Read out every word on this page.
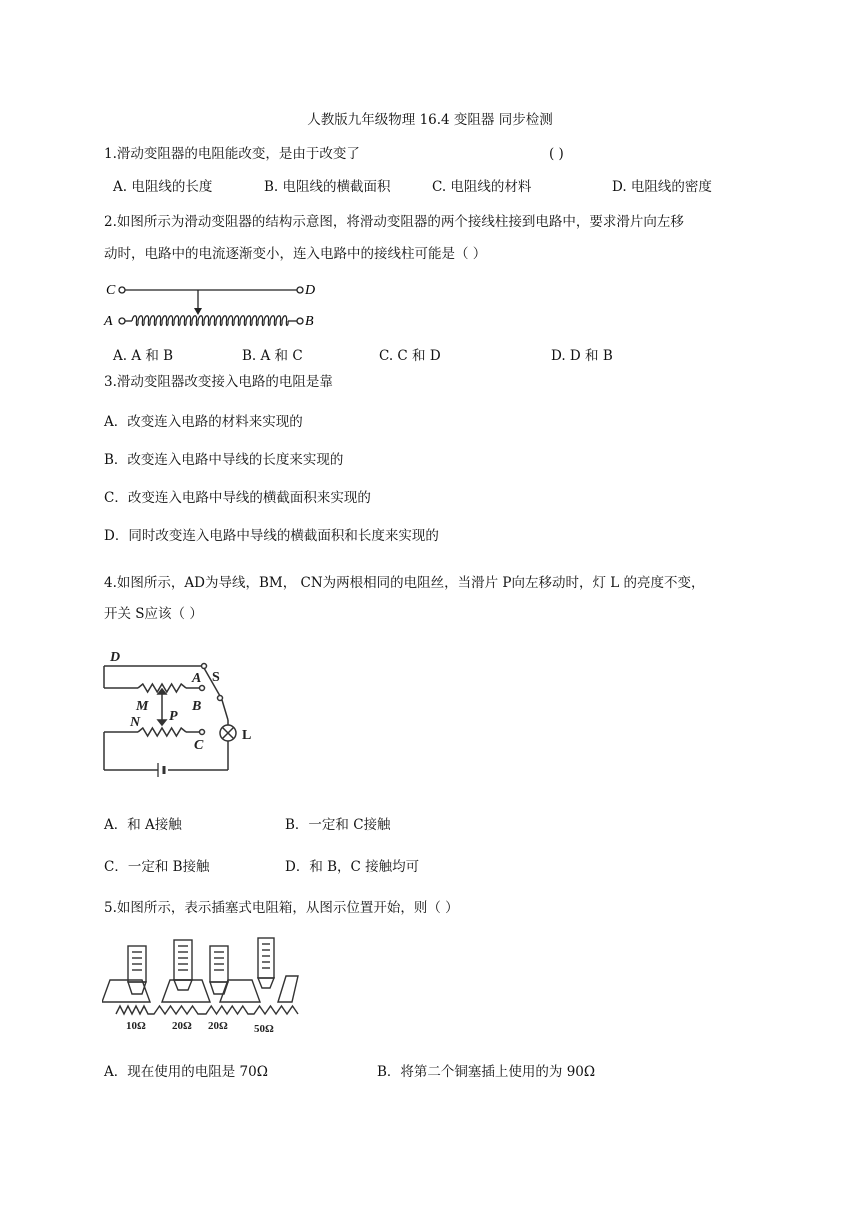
人教版九年级物理 16.4 变阻器 同步检测
1.滑动变阻器的电阻能改变，是由于改变了	( )
A. 电阻线的长度	B. 电阻线的横截面积	C. 电阻线的材料	D. 电阻线的密度
2.如图所示为滑动变阻器的结构示意图，将滑动变阻器的两个接线柱接到电路中，要求滑片向左移
动时，电路中的电流逐渐变小，连入电路中的接线柱可能是（ ）
C	D
A	B
A. A 和 B	B. A 和 C	C. C 和 D	D. D 和 B
3.滑动变阻器改变接入电路的电阻是靠
A．改变连入电路的材料来实现的
B．改变连入电路中导线的长度来实现的
C．改变连入电路中导线的横截面积来实现的
D．同时改变连入电路中导线的横截面积和长度来实现的
4.如图所示，AD为导线，BM， CN为两根相同的电阻丝，当滑片 P向左移动时，灯 L 的亮度不变，
开关 S应该（ ）
D
A S
M	B
N P
C
L
A．和 A接触	B．一定和 C接触
C．一定和 B接触	D．和 B，C 接触均可
5.如图所示，表示插塞式电阻箱，从图示位置开始，则（ ）
10Ω 20Ω 20Ω 50Ω
A．现在使用的电阻是 70Ω	B．将第二个铜塞插上使用的为 90Ω
